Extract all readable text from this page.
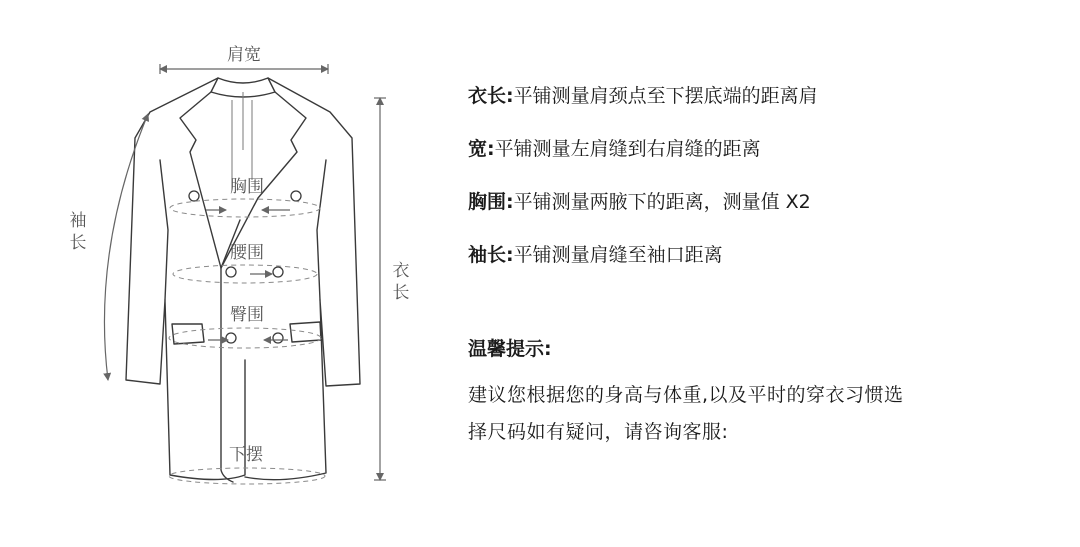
肩宽
袖长
衣长
胸围
腰围
臀围
下摆
衣长: 平铺测量肩颈点至下摆底端的距离肩
宽: 平铺测量左肩缝到右肩缝的距离
胸围: 平铺测量两腋下的距离，测量值 X2
袖长: 平铺测量肩缝至袖口距离
温馨提示:
建议您根据您的身高与体重,以及平时的穿衣习惯选
择尺码如有疑问，请咨询客服:
